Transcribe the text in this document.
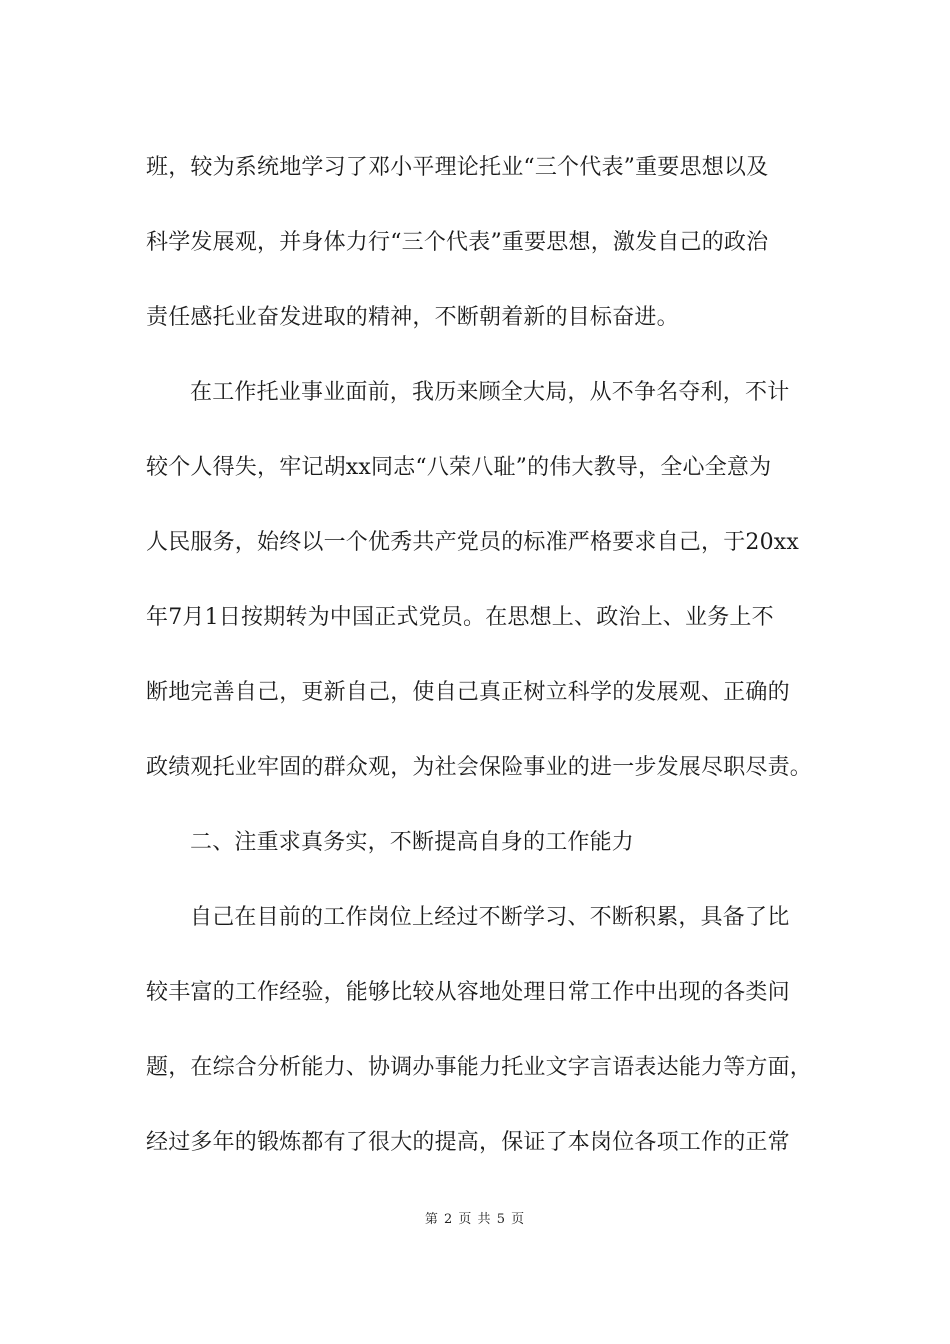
班，较为系统地学习了邓小平理论托业“三个代表”重要思想以及
科学发展观，并身体力行“三个代表”重要思想，激发自己的政治
责任感托业奋发进取的精神，不断朝着新的目标奋进。
在工作托业事业面前，我历来顾全大局，从不争名夺利，不计
较个人得失，牢记胡xx同志“八荣八耻”的伟大教导，全心全意为
人民服务，始终以一个优秀共产党员的标准严格要求自己，于20xx
年7月1日按期转为中国正式党员。在思想上、政治上、业务上不
断地完善自己，更新自己，使自己真正树立科学的发展观、正确的
政绩观托业牢固的群众观，为社会保险事业的进一步发展尽职尽责。
二、注重求真务实，不断提高自身的工作能力
自己在目前的工作岗位上经过不断学习、不断积累，具备了比
较丰富的工作经验，能够比较从容地处理日常工作中出现的各类问
题，在综合分析能力、协调办事能力托业文字言语表达能力等方面，
经过多年的锻炼都有了很大的提高，保证了本岗位各项工作的正常
第 2 页 共 5 页
